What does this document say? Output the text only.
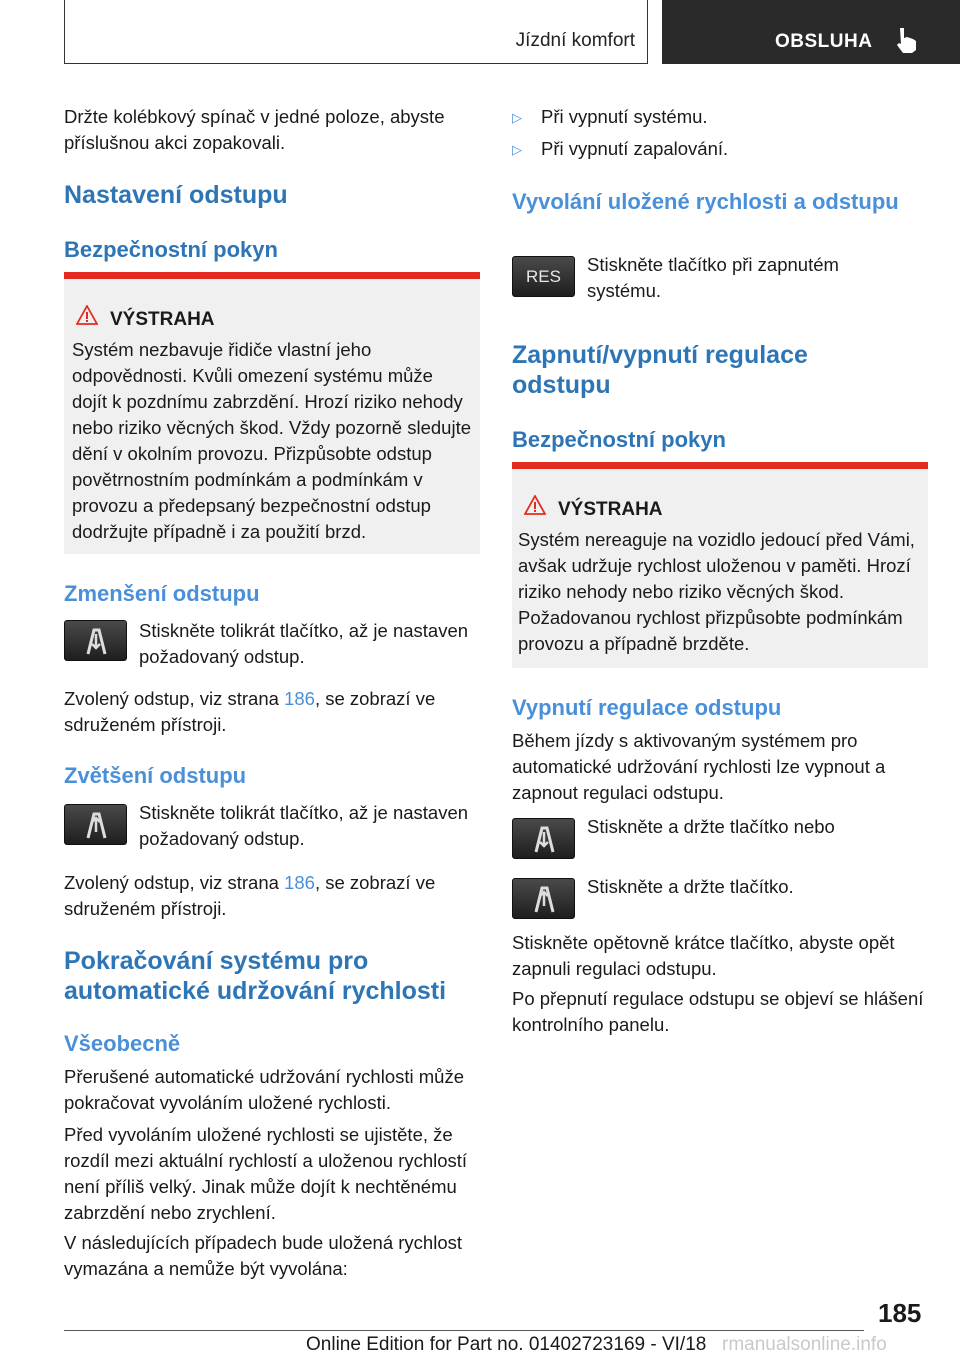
Jízdní komfort	OBSLUHA

Držte kolébkový spínač v jedné poloze, abyste příslušnou akci zopakovali.

Nastavení odstupu
Bezpečnostní pokyn
VÝSTRAHA

Systém nezbavuje řidiče vlastní jeho odpovědnosti. Kvůli omezení systému může dojít k pozdnímu zabrzdění. Hrozí riziko nehody nebo riziko věcných škod. Vždy pozorně sledujte dění v okolním provozu. Přizpůsobte odstup povětrnostním podmínkám a podmínkám v provozu a předepsaný bezpečnostní odstup dodržujte případně i za použití brzd.

Zmenšení odstupu

Stiskněte tolikrát tlačítko, až je nastaven požadovaný odstup.

Zvolený odstup, viz strana 186, se zobrazí ve sdruženém přístroji.

Zvětšení odstupu

Stiskněte tolikrát tlačítko, až je nastaven požadovaný odstup.

Zvolený odstup, viz strana 186, se zobrazí ve sdruženém přístroji.

Pokračování systému pro
automatické udržování rychlosti
Všeobecně

Přerušené automatické udržování rychlosti může pokračovat vyvoláním uložené rychlosti.

Před vyvoláním uložené rychlosti se ujistěte, že rozdíl mezi aktuální rychlostí a uloženou rychlostí není příliš velký. Jinak může dojít k nechtěnému zabrzdění nebo zrychlení.

V následujících případech bude uložená rychlost vymazána a nemůže být vyvolána:

▷ Při vypnutí systému.

▷ Při vypnutí zapalování.

Vyvolání uložené rychlosti a odstupu
RES

Stiskněte tlačítko při zapnutém systému.

Zapnutí/vypnutí regulace odstupu
Bezpečnostní pokyn
VÝSTRAHA

Systém nereaguje na vozidlo jedoucí před Vámi, avšak udržuje rychlost uloženou v paměti. Hrozí riziko nehody nebo riziko věcných škod. Požadovanou rychlost přizpůsobte podmínkám provozu a případně brzděte.

Vypnutí regulace odstupu

Během jízdy s aktivovaným systémem pro automatické udržování rychlosti lze vypnout a zapnout regulaci odstupu.

Stiskněte a držte tlačítko nebo

Stiskněte a držte tlačítko.

Stiskněte opětovně krátce tlačítko, abyste opět zapnuli regulaci odstupu.

Po přepnutí regulace odstupu se objeví se hlášení kontrolního panelu.

185
Online Edition for Part no. 01402723169 - VI/18 rmanualsonline.info
